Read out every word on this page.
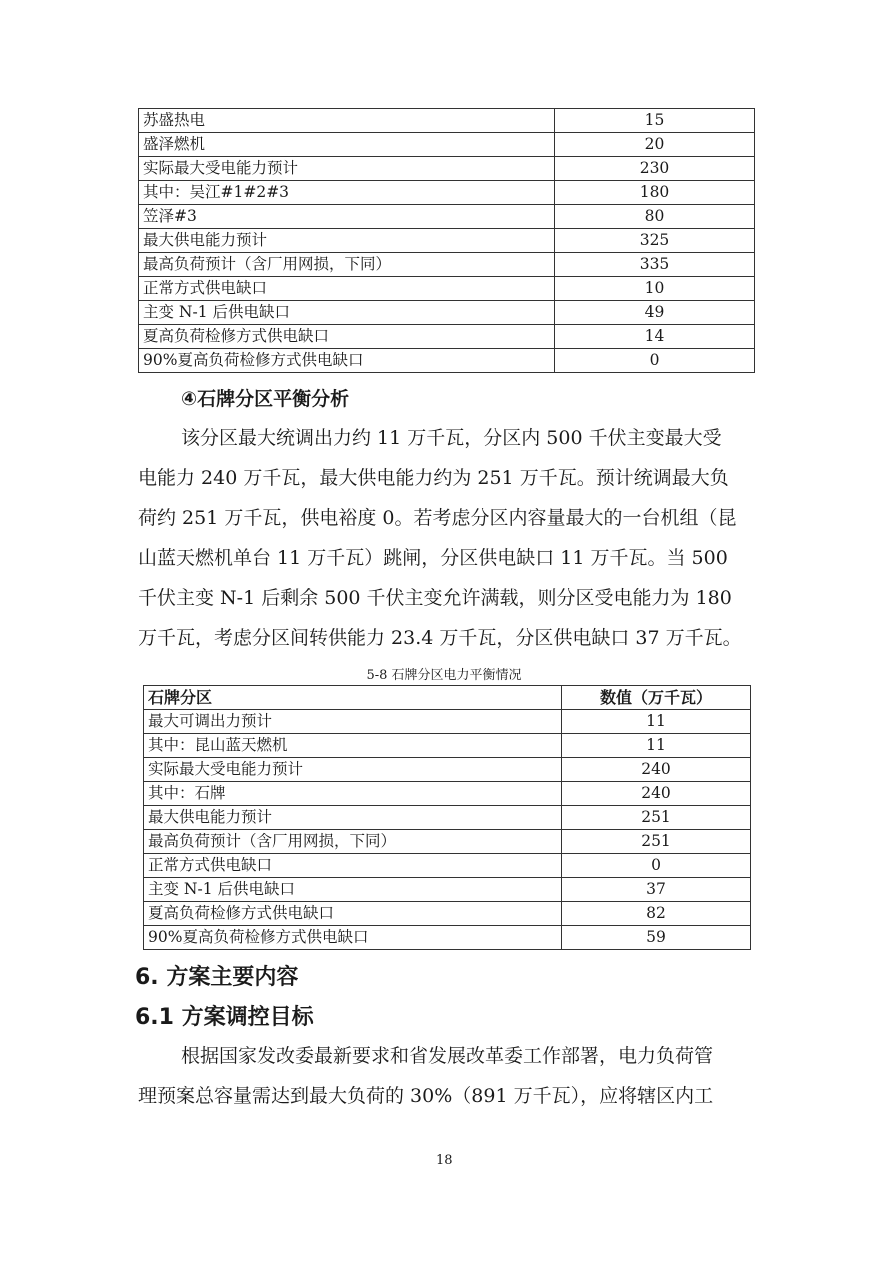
苏盛热电	15
盛泽燃机	20
实际最大受电能力预计	230
其中：吴江#1#2#3	180
笠泽#3	80
最大供电能力预计	325
最高负荷预计（含厂用网损，下同）	335
正常方式供电缺口	10
主变 N-1 后供电缺口	49
夏高负荷检修方式供电缺口	14
90%夏高负荷检修方式供电缺口	0
④石牌分区平衡分析
该分区最大统调出力约 11 万千瓦，分区内 500 千伏主变最大受
电能力 240 万千瓦，最大供电能力约为 251 万千瓦。预计统调最大负
荷约 251 万千瓦，供电裕度 0。若考虑分区内容量最大的一台机组（昆
山蓝天燃机单台 11 万千瓦）跳闸，分区供电缺口 11 万千瓦。当 500
千伏主变 N-1 后剩余 500 千伏主变允许满载，则分区受电能力为 180
万千瓦，考虑分区间转供能力 23.4 万千瓦，分区供电缺口 37 万千瓦。
5-8 石牌分区电力平衡情况
石牌分区	数值（万千瓦）
最大可调出力预计	11
其中：昆山蓝天燃机	11
实际最大受电能力预计	240
其中：石牌	240
最大供电能力预计	251
最高负荷预计（含厂用网损，下同）	251
正常方式供电缺口	0
主变 N-1 后供电缺口	37
夏高负荷检修方式供电缺口	82
90%夏高负荷检修方式供电缺口	59
6. 方案主要内容
6.1 方案调控目标
根据国家发改委最新要求和省发展改革委工作部署，电力负荷管
理预案总容量需达到最大负荷的 30%（891 万千瓦），应将辖区内工
18
